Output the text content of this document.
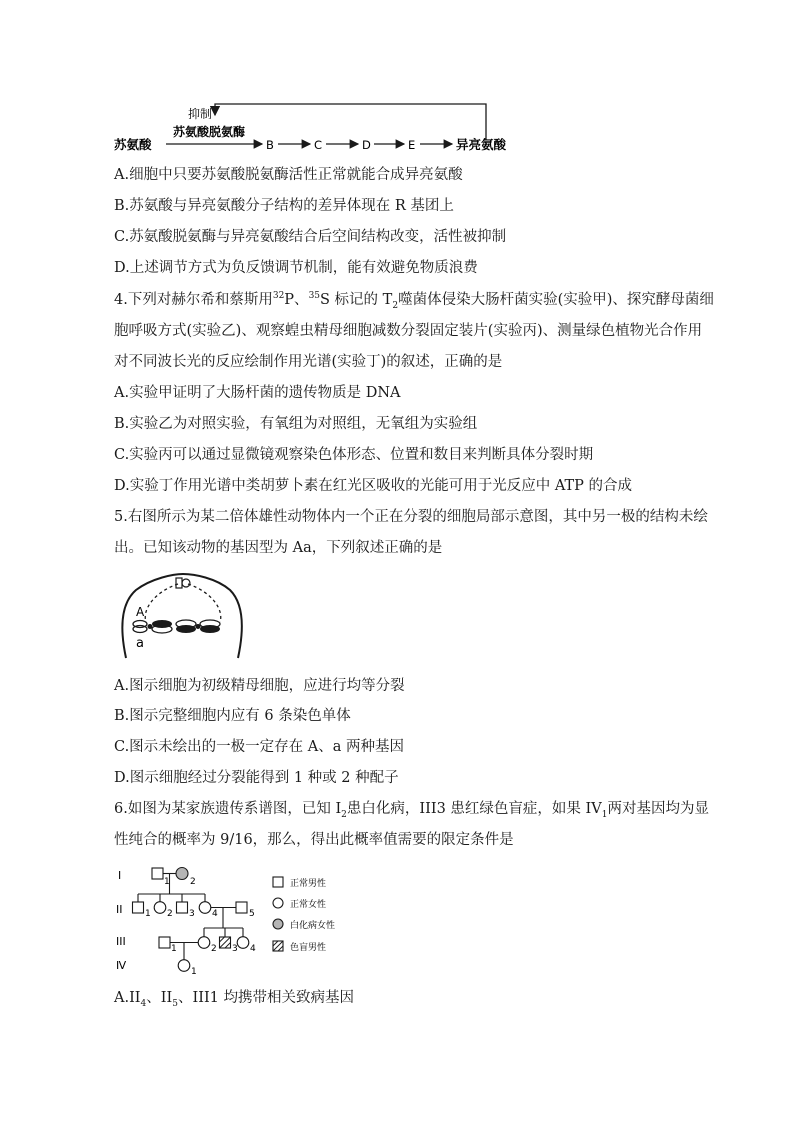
抑制
苏氨酸
苏氨酸脱氨酶
B	C	D	E	异亮氨酸
A.细胞中只要苏氨酸脱氨酶活性正常就能合成异亮氨酸
B.苏氨酸与异亮氨酸分子结构的差异体现在 R 基团上
C.苏氨酸脱氨酶与异亮氨酸结合后空间结构改变，活性被抑制
D.上述调节方式为负反馈调节机制，能有效避免物质浪费
4.下列对赫尔希和蔡斯用$^{32}$P、$^{35}$S 标记的 $T_2$噬菌体侵染大肠杆菌实验(实验甲)、探究酵母菌细
胞呼吸方式(实验乙)、观察蝗虫精母细胞减数分裂固定装片(实验丙)、测量绿色植物光合作用
对不同波长光的反应绘制作用光谱(实验丁)的叙述，正确的是
A.实验甲证明了大肠杆菌的遗传物质是 DNA
B.实验乙为对照实验，有氧组为对照组，无氧组为实验组
C.实验丙可以通过显微镜观察染色体形态、位置和数目来判断具体分裂时期
D.实验丁作用光谱中类胡萝卜素在红光区吸收的光能可用于光反应中 ATP 的合成
5.右图所示为某二倍体雄性动物体内一个正在分裂的细胞局部示意图，其中另一极的结构未绘
出。已知该动物的基因型为 Aa，下列叙述正确的是
A
a
A.图示细胞为初级精母细胞，应进行均等分裂
B.图示完整细胞内应有 6 条染色单体
C.图示未绘出的一极一定存在 A、a 两种基因
D.图示细胞经过分裂能得到 1 种或 2 种配子
6.如图为某家族遗传系谱图，已知 $I_2$患白化病，III3 患红绿色盲症，如果 $IV_1$两对基因均为显
性纯合的概率为 9/16，那么，得出此概率值需要的限定条件是
I
II
III
Ⅳ
1 2
1 2 3 4	5
1	2 3 4
1
正常男性
正常女性
白化病女性
色盲男性
$A.II_4$、$II_5$、III1 均携带相关致病基因
